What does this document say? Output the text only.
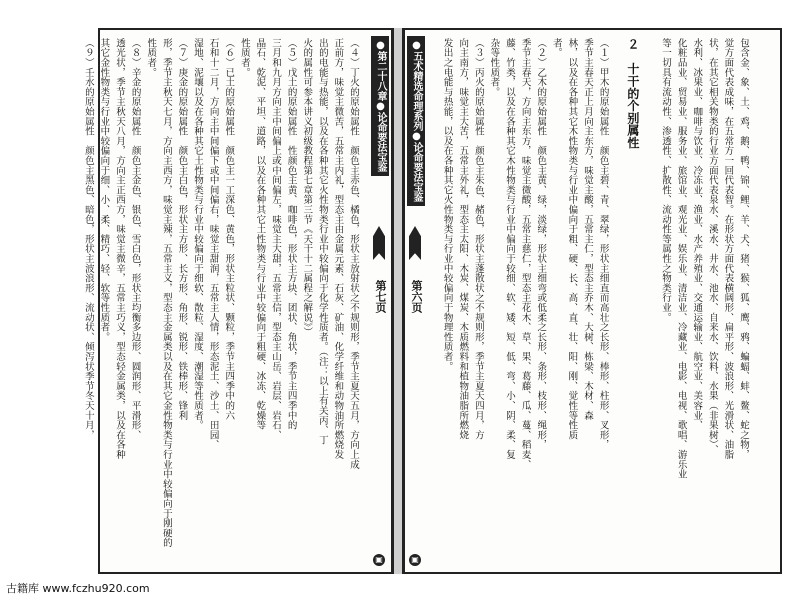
包含金、象、土、鸡、鹅、鸭、锦、鲤、羊、犬、猪、猴、狐、鹰、鸦、蝙蝠、蚌、鳌、蛇之物，
觉方面代表成味，在五常方一回代表智。在形状方面代表横阔形、扁平形、波浪形、光滑状、油脂
状，在其它相关物类的行业方面代表泉水、溪水、井水、池水、自来水、饮料、水果（非果树）、
水利、冰果业、咖啡与饮业、冷冻业、渔业、水产养殖业、交通运输业、航空业、美容业、
化粧品业、贸易业、服务业、旅馆业、观光业、娱乐业、清洁业、冷藏业、电影、电视、歌唱、游乐业
等一切具有流动性、渗透性、扩散性、流动性等属性之物类行业。
２　十干的个别属性
（１）甲木的原始属性　颜色主碧、青、翠绿，形状主细直而高壮之长形、棒形、柱形、叉形，
季节主春天正上月向主东方，味觉主酸，五常主仁，型态主乔木、大树、栋梁、木材、森
林，以及在各种其它木性物类与行业中偏向于粗、硬、长、高、直、壮、阳、刚、觉性等性质
者。
（２）乙木的原始属性　颜色主黄、绿，淡绿，形状主细弯或低柔之长形、条形、枝形、绳形，
季节主春天，方向主东方，味觉主微酸，五常主慈仁，型态主花木、草、果、葛藤、瓜、蔓、稻麦、
藤、竹类，以及在各种其它木性物类与行业中偏向于较细、软、矮、短、低、弯、小、阴、柔、复
杂等性质者。
（３）丙火的原始属性　颜色主朱色、赭色，形状主蓬散状之不规则形，季节主夏天四月，方
向主南方，味觉主大苦，五常主外礼，型态主太阳、木炭、煤炭、木质燃料和植物油脂所燃烧
发出之电能与热能，以及在各种其它火性物类与行业中较偏向于物理性质者。
●五术精选命理系列●论命要法宝鉴
第六页
▣
（４）丁火的原始属性　颜色主赤色、橘色，形状主放射状之不规则形，季节主夏天五月，方向上成
正前方，味觉主微苦，五常主内礼，型态主由金属元素、石灰、矿油、化学纤维和动物油所燃烧发
出的电能与热能，以及在各种其它火性物类行业中较偏向于化学性质者。（注：以上有关丙、丁
火的属性可参本讲义初级教程第七章第三节《天干十二属程之解说》）
（５）戊土的原始属性　性颜色主黄、咖啡色，形状主方块、团状、角状，季节主四季中的
三月和九月方向主中间偏上或中间偏左，味觉主大甜，五常主信，型态主山岳、岩层、岩石、
晶石、乾泥、平坦、道路，以及在各种其它土性物类与行业中较偏向于粗硬、冰冻、乾燥等
性质者。
（６）已土的原始属性　颜色主一工深色、黄色，形状主粒状、颗粒，季节主四季中的六
石和十二月，方向主中间偏下或中间偏右，味觉主甜润，五常主人情，形态泥土、沙土、田园、
湿地、泥壤以及在各种其它土性物类与行业中较偏向于细软、散粒、湿度、潮湿等性质者。
（７）庚金的原始属性　颜色主白色，形状主方形、长方形、角形、锐形、铁棒形、锋利
形，季节主秋天七月，方向主西方，味觉主辣，五常主义，型态主金属类以及在其它金性物类与行业中较偏向于刚硬的
性质者。
（８）辛金的原始属性　颜色主金色、银色、雪白色，形状主均衡多边形、圆润形、平滑形、
透光状，季节主秋天八月，方向主正西方，味觉主微辛，五常主巧义，型态轻金属类，以及在各种
其它金性物类与行业中较偏向于细、小、柔、精巧、轻、软等性质者。
（９）壬水的原始属性　颜色主黑色、暗色，形状主波浪形、流动状、倾泻状季节冬天十月，	●第二十八章●论命要法宝鉴
第七页
▣
古籍库 www.fczhu920.com
